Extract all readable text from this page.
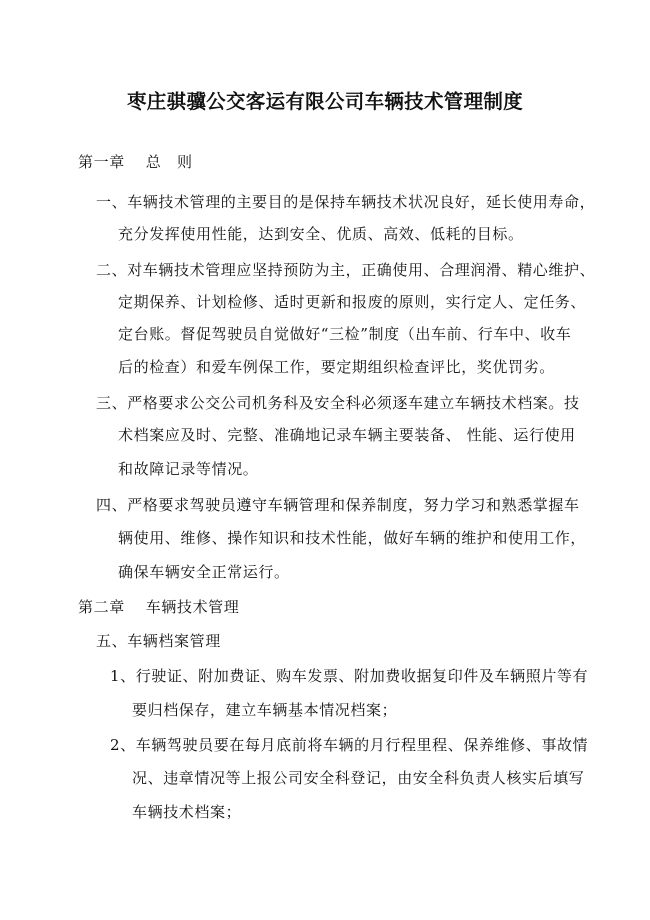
枣庄骐骥公交客运有限公司车辆技术管理制度
第一章　 总　则
一、车辆技术管理的主要目的是保持车辆技术状况良好，延长使用寿命，
充分发挥使用性能，达到安全、优质、高效、低耗的目标。
二、对车辆技术管理应坚持预防为主，正确使用、合理润滑、精心维护、
定期保养、计划检修、适时更新和报废的原则，实行定人、定任务、
定台账。督促驾驶员自觉做好“三检”制度（出车前、行车中、收车
后的检查）和爱车例保工作，要定期组织检查评比，奖优罚劣。
三、严格要求公交公司机务科及安全科必须逐车建立车辆技术档案。技
术档案应及时、完整、准确地记录车辆主要装备、 性能、运行使用
和故障记录等情况。
四、严格要求驾驶员遵守车辆管理和保养制度，努力学习和熟悉掌握车
辆使用、维修、操作知识和技术性能，做好车辆的维护和使用工作，
确保车辆安全正常运行。
第二章　 车辆技术管理
五、车辆档案管理
1、行驶证、附加费证、购车发票、附加费收据复印件及车辆照片等有
要归档保存，建立车辆基本情况档案；
2、车辆驾驶员要在每月底前将车辆的月行程里程、保养维修、事故情
况、违章情况等上报公司安全科登记，由安全科负责人核实后填写
车辆技术档案；
